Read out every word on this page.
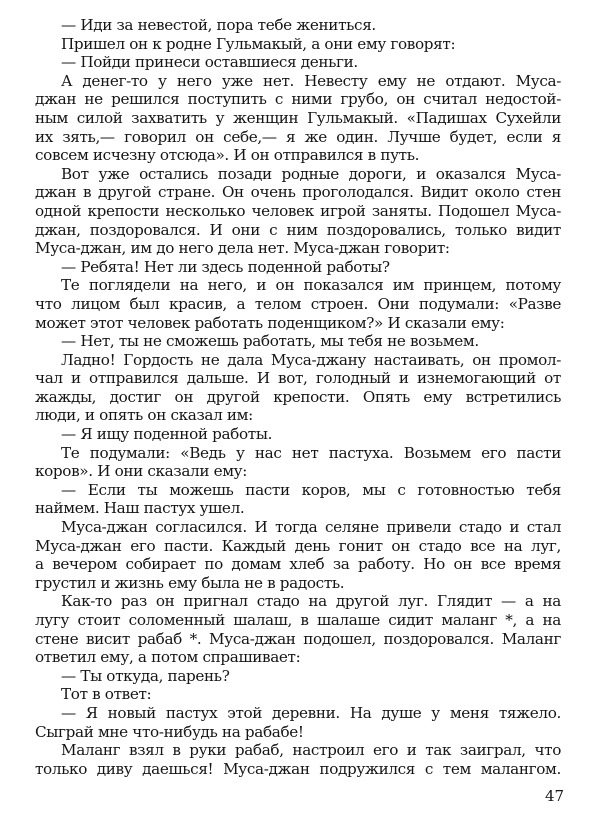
— Иди за невестой, пора тебе жениться.
Пришел он к родне Гульмакый, а они ему говорят:
— Пойди принеси оставшиеся деньги.
А денег-то у него уже нет. Невесту ему не отдают. Муса-
джан не решился поступить с ними грубо, он считал недостой-
ным силой захватить у женщин Гульмакый. «Падишах Сухейли
их зять,— говорил он себе,— я же один. Лучше будет, если я
совсем исчезну отсюда». И он отправился в путь.
Вот уже остались позади родные дороги, и оказался Муса-
джан в другой стране. Он очень проголодался. Видит около стен
одной крепости несколько человек игрой заняты. Подошел Муса-
джан, поздоровался. И они с ним поздоровались, только видит
Муса-джан, им до него дела нет. Муса-джан говорит:
— Ребята! Нет ли здесь поденной работы?
Те поглядели на него, и он показался им принцем, потому
что лицом был красив, а телом строен. Они подумали: «Разве
может этот человек работать поденщиком?» И сказали ему:
— Нет, ты не сможешь работать, мы тебя не возьмем.
Ладно! Гордость не дала Муса-джану настаивать, он промол-
чал и отправился дальше. И вот, голодный и изнемогающий от
жажды, достиг он другой крепости. Опять ему встретились
люди, и опять он сказал им:
— Я ищу поденной работы.
Те подумали: «Ведь у нас нет пастуха. Возьмем его пасти
коров». И они сказали ему:
— Если ты можешь пасти коров, мы с готовностью тебя
наймем. Наш пастух ушел.
Муса-джан согласился. И тогда селяне привели стадо и стал
Муса-джан его пасти. Каждый день гонит он стадо все на луг,
а вечером собирает по домам хлеб за работу. Но он все время
грустил и жизнь ему была не в радость.
Как-то раз он пригнал стадо на другой луг. Глядит — а на
лугу стоит соломенный шалаш, в шалаше сидит маланг *, а на
стене висит рабаб *. Муса-джан подошел, поздоровался. Маланг
ответил ему, а потом спрашивает:
— Ты откуда, парень?
Тот в ответ:
— Я новый пастух этой деревни. На душе у меня тяжело.
Сыграй мне что-нибудь на рабабе!
Маланг взял в руки рабаб, настроил его и так заиграл, что
только диву даешься! Муса-джан подружился с тем малангом.
47
